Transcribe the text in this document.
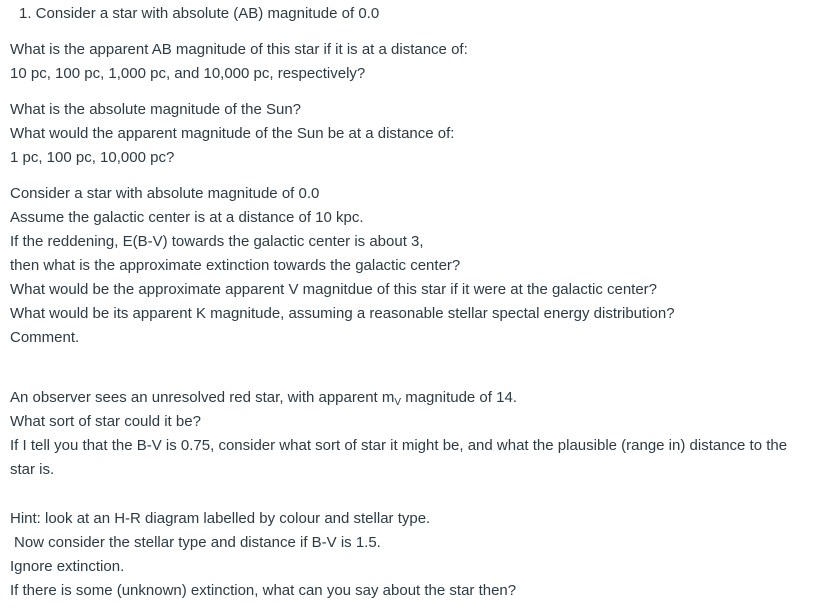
1. Consider a star with absolute (AB) magnitude of 0.0
What is the apparent AB magnitude of this star if it is at a distance of:
10 pc, 100 pc, 1,000 pc, and 10,000 pc, respectively?
What is the absolute magnitude of the Sun?
What would the apparent magnitude of the Sun be at a distance of:
1 pc, 100 pc, 10,000 pc?
Consider a star with absolute magnitude of 0.0
Assume the galactic center is at a distance of 10 kpc.
If the reddening, E(B-V) towards the galactic center is about 3,
then what is the approximate extinction towards the galactic center?
What would be the approximate apparent V magnitdue of this star if it were at the galactic center?
What would be its apparent K magnitude, assuming a reasonable stellar spectal energy distribution?
Comment.
An observer sees an unresolved red star, with apparent $m_V$ magnitude of 14.
What sort of star could it be?
If I tell you that the B-V is 0.75, consider what sort of star it might be, and what the plausible (range in) distance to the star is.
Hint: look at an H-R diagram labelled by colour and stellar type.
Now consider the stellar type and distance if B-V is 1.5.
Ignore extinction.
If there is some (unknown) extinction, what can you say about the star then?
